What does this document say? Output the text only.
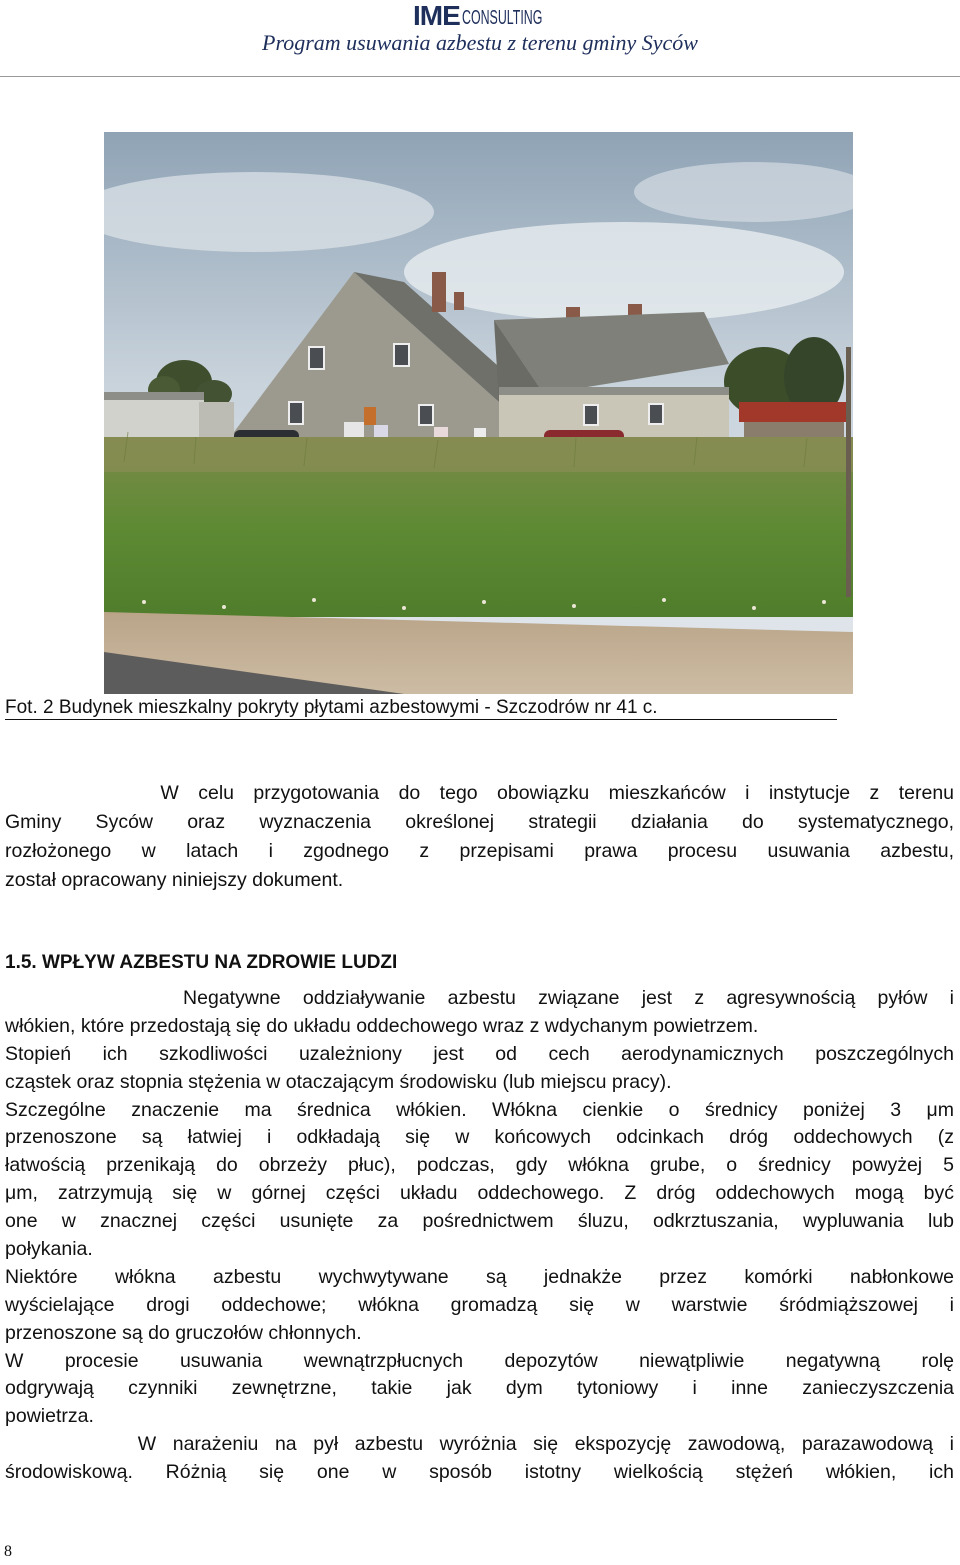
IME CONSULTING
Program usuwania azbestu z terenu gminy Syców
Fot. 2 Budynek mieszkalny pokryty płytami azbestowymi - Szczodrów nr 41 c.
W celu przygotowania do tego obowiązku mieszkańców i instytucje z terenu
Gminy Syców oraz wyznaczenia określonej strategii działania do systematycznego,
rozłożonego w latach i zgodnego z przepisami prawa procesu usuwania azbestu,
został opracowany niniejszy dokument.
1.5. WPŁYW AZBESTU NA ZDROWIE LUDZI
Negatywne oddziaływanie azbestu związane jest z agresywnością pyłów i
włókien, które przedostają się do układu oddechowego wraz z wdychanym powietrzem.
Stopień ich szkodliwości uzależniony jest od cech aerodynamicznych poszczególnych
cząstek oraz stopnia stężenia w otaczającym środowisku (lub miejscu pracy).
Szczególne znaczenie ma średnica włókien. Włókna cienkie o średnicy poniżej 3 μm
przenoszone są łatwiej i odkładają się w końcowych odcinkach dróg oddechowych (z
łatwością przenikają do obrzeży płuc), podczas, gdy włókna grube, o średnicy powyżej 5
μm, zatrzymują się w górnej części układu oddechowego. Z dróg oddechowych mogą być
one w znacznej części usunięte za pośrednictwem śluzu, odkrztuszania, wypluwania lub
połykania.
Niektóre włókna azbestu wychwytywane są jednakże przez komórki nabłonkowe
wyścielające drogi oddechowe; włókna gromadzą się w warstwie śródmiąższowej i
przenoszone są do gruczołów chłonnych.
W procesie usuwania wewnątrzpłucnych depozytów niewątpliwie negatywną rolę
odgrywają czynniki zewnętrzne, takie jak dym tytoniowy i inne zanieczyszczenia
powietrza.
W narażeniu na pył azbestu wyróżnia się ekspozycję zawodową, parazawodową i
środowiskową. Różnią się one w sposób istotny wielkością stężeń włókien, ich
8
